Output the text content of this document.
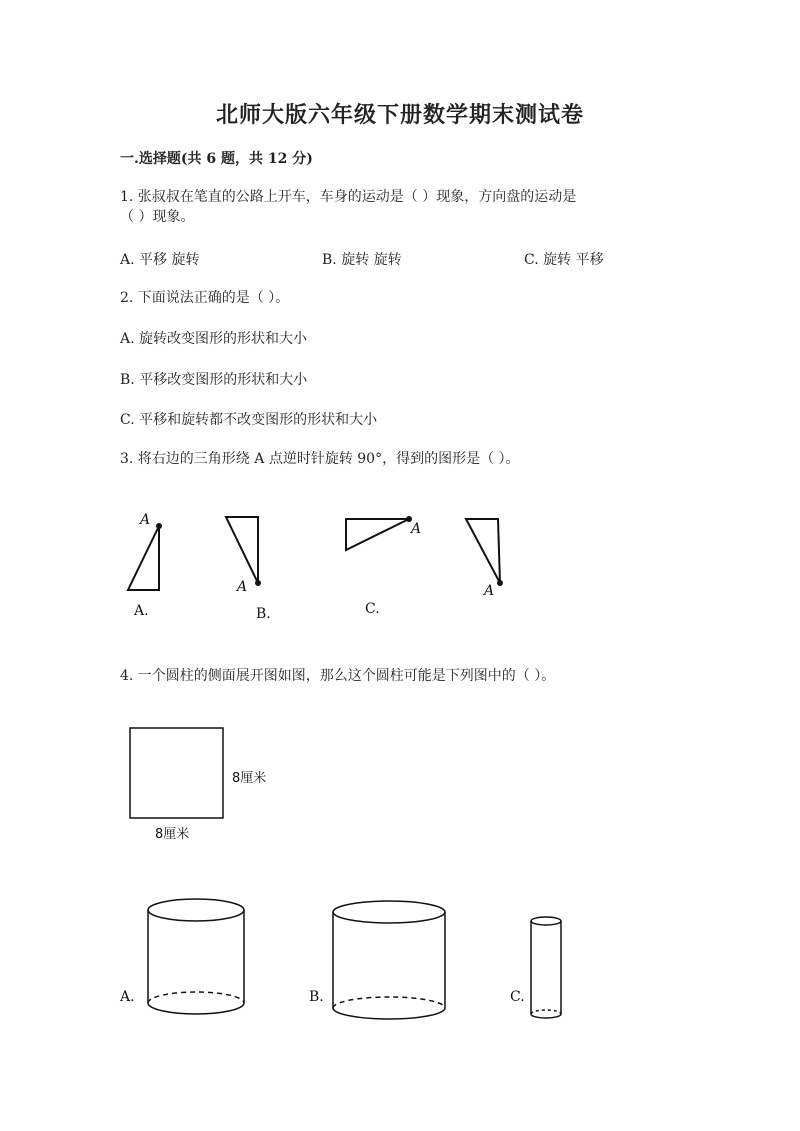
北师大版六年级下册数学期末测试卷
一.选择题(共 6 题，共 12 分)
1. 张叔叔在笔直的公路上开车，车身的运动是（ ）现象，方向盘的运动是
（ ）现象。
A. 平移 旋转	B. 旋转 旋转	C. 旋转 平移
2. 下面说法正确的是（ ）。
A. 旋转改变图形的形状和大小
B. 平移改变图形的形状和大小
C. 平移和旋转都不改变图形的形状和大小
3. 将右边的三角形绕 A 点逆时针旋转 90°，得到的图形是（ ）。
A
A
A
A
A.	B.	C.
4. 一个圆柱的侧面展开图如图，那么这个圆柱可能是下列图中的（ ）。
8厘米
8厘米
A.	B.	C.
